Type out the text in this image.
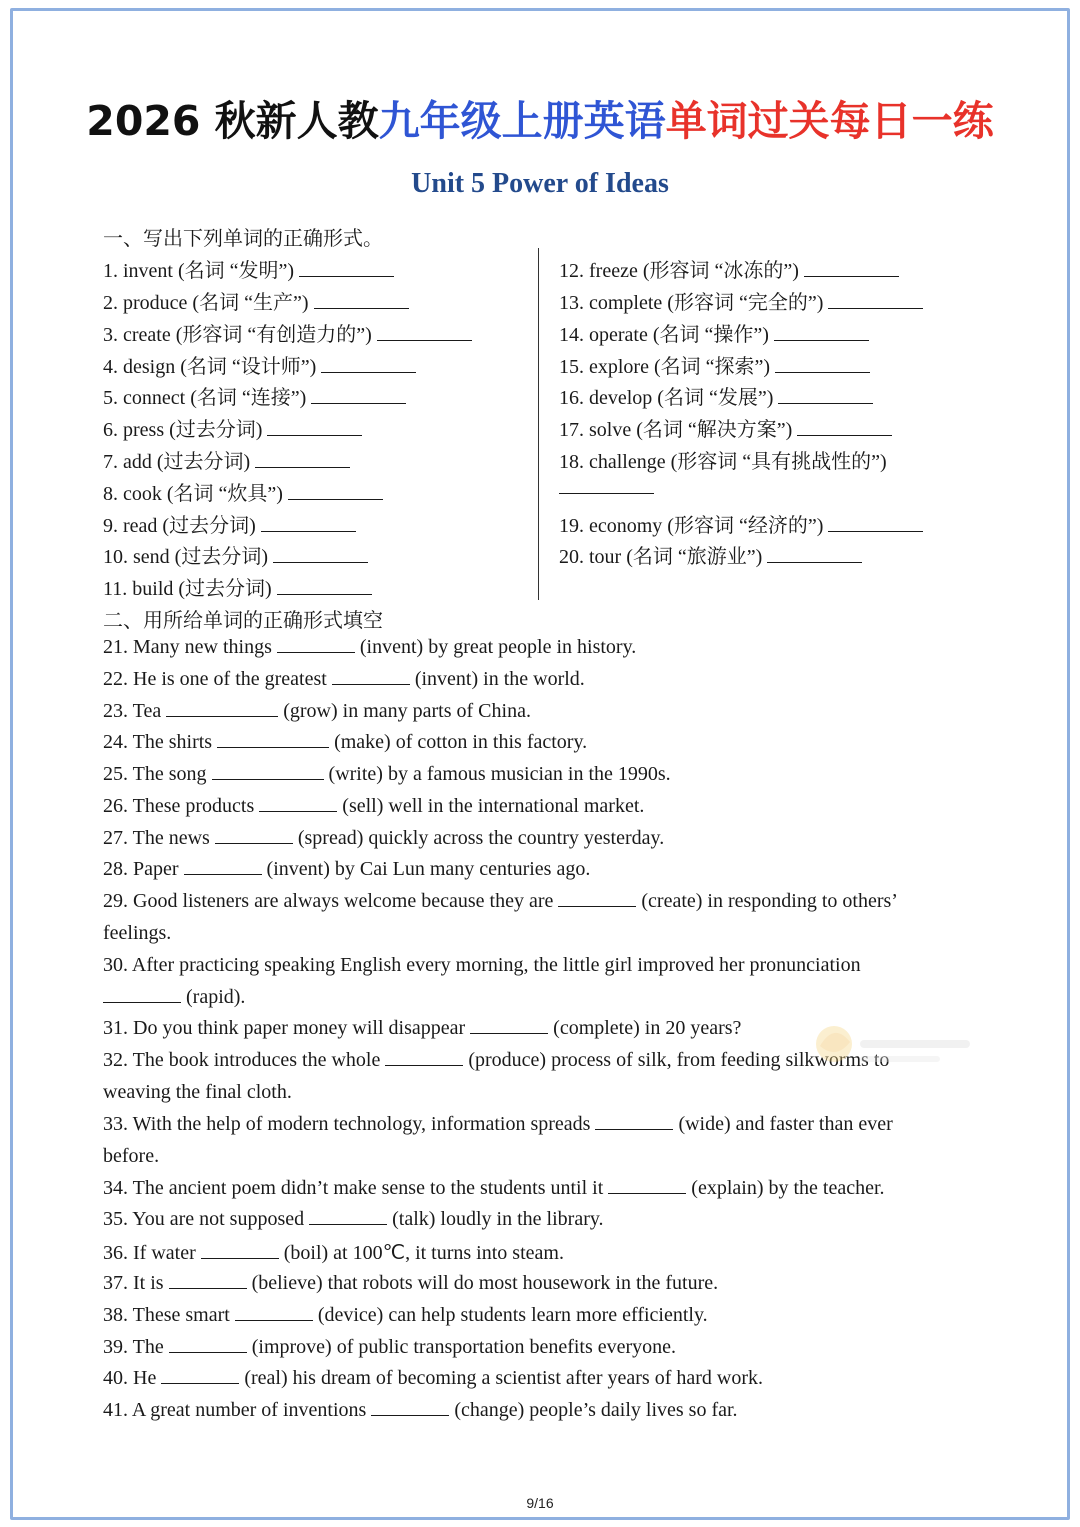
2026 秋新人教九年级上册英语单词过关每日一练
Unit 5 Power of Ideas
一、写出下列单词的正确形式。
1. invent (名词 “发明”)
2. produce (名词 “生产”)
3. create (形容词 “有创造力的”)
4. design (名词 “设计师”)
5. connect (名词 “连接”)
6. press (过去分词)
7. add (过去分词)
8. cook (名词 “炊具”)
9. read (过去分词)
10. send (过去分词)
11. build (过去分词)
12. freeze (形容词 “冰冻的”)
13. complete (形容词 “完全的”)
14. operate (名词 “操作”)
15. explore (名词 “探索”)
16. develop (名词 “发展”)
17. solve (名词 “解决方案”)
18. challenge (形容词 “具有挑战性的”)
19. economy (形容词 “经济的”)
20. tour (名词 “旅游业”)
二、用所给单词的正确形式填空
21. Many new things	(invent) by great people in history.
22. He is one of the greatest	(invent) in the world.
23. Tea	(grow) in many parts of China.
24. The shirts	(make) of cotton in this factory.
25. The song	(write) by a famous musician in the 1990s.
26. These products	(sell) well in the international market.
27. The news	(spread) quickly across the country yesterday.
28. Paper	(invent) by Cai Lun many centuries ago.
29. Good listeners are always welcome because they are	(create) in responding to others’
feelings.
30. After practicing speaking English every morning, the little girl improved her pronunciation
(rapid).
31. Do you think paper money will disappear	(complete) in 20 years?
32. The book introduces the whole	(produce) process of silk, from feeding silkworms to
weaving the final cloth.
33. With the help of modern technology, information spreads	(wide) and faster than ever
before.
34. The ancient poem didn’t make sense to the students until it	(explain) by the teacher.
35. You are not supposed	(talk) loudly in the library.
36. If water	(boil) at 100℃, it turns into steam.
37. It is	(believe) that robots will do most housework in the future.
38. These smart	(device) can help students learn more efficiently.
39. The	(improve) of public transportation benefits everyone.
40. He	(real) his dream of becoming a scientist after years of hard work.
41. A great number of inventions	(change) people’s daily lives so far.
9/16
